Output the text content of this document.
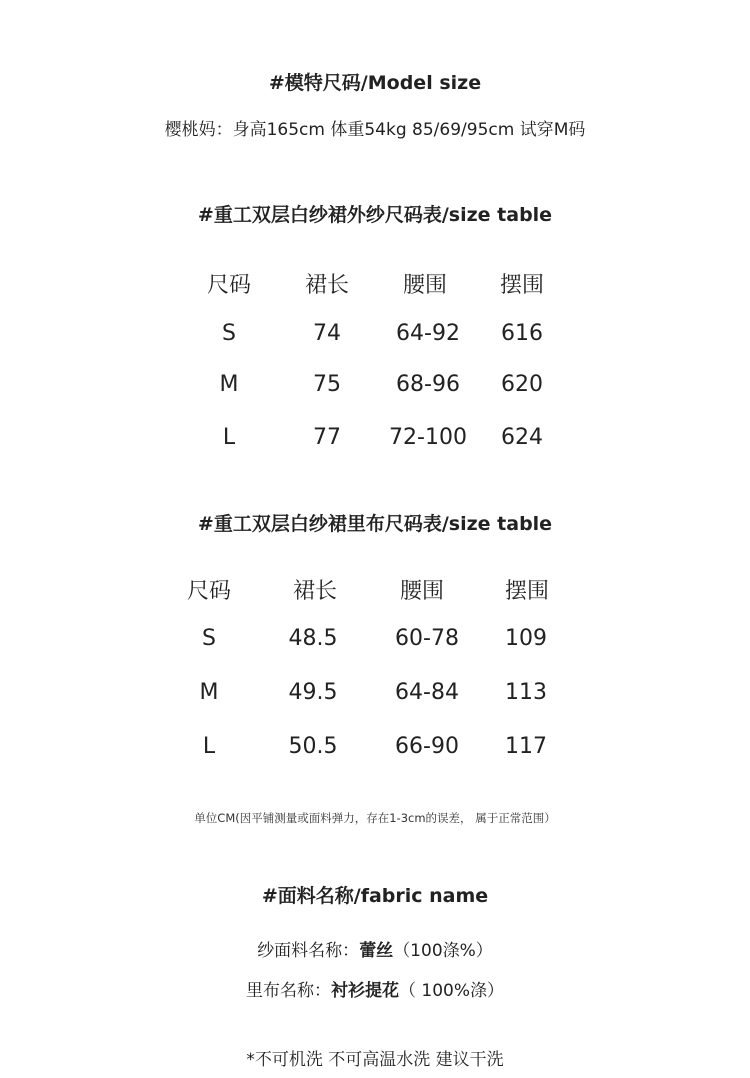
#模特尺码/Model size
樱桃妈：身高165cm 体重54kg 85/69/95cm 试穿M码
#重工双层白纱裙外纱尺码表/size table
尺码	裙长	腰围	摆围
S	74	64-92	616
M	75	68-96	620
L	77	72-100	624
#重工双层白纱裙里布尺码表/size table
尺码	裙长	腰围	摆围
S	48.5	60-78	109
M	49.5	64-84	113
L	50.5	66-90	117
单位CM(因平铺测量或面料弹力，存在1-3cm的误差， 属于正常范围）
#面料名称/fabric name
纱面料名称：蕾丝（100涤%）
里布名称：衬衫提花（ 100%涤）
*不可机洗 不可高温水洗 建议干洗
